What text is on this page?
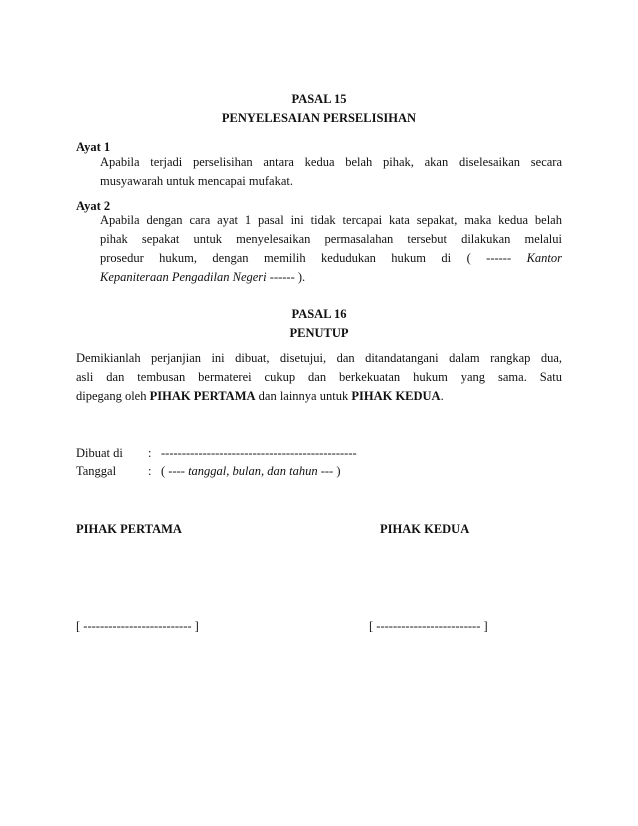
PASAL 15
PENYELESAIAN PERSELISIHAN
Ayat 1
Apabila terjadi perselisihan antara kedua belah pihak, akan diselesaikan secara
musyawarah untuk mencapai mufakat.
Ayat 2
Apabila dengan cara ayat 1 pasal ini tidak tercapai kata sepakat, maka kedua belah
pihak sepakat untuk menyelesaikan permasalahan tersebut dilakukan melalui
prosedur hukum, dengan memilih kedudukan hukum di ( ------ Kantor
Kepaniteraan Pengadilan Negeri ------ ).
PASAL 16
PENUTUP
Demikianlah perjanjian ini dibuat, disetujui, dan ditandatangani dalam rangkap dua,
asli dan tembusan bermaterei cukup dan berkekuatan hukum yang sama. Satu
dipegang oleh PIHAK PERTAMA dan lainnya untuk PIHAK KEDUA.
Dibuat di : -----------------------------------------------
Tanggal	: ( ---- tanggal, bulan, dan tahun --- )
PIHAK PERTAMA	PIHAK KEDUA
[ -------------------------- ]	[ ------------------------- ]
